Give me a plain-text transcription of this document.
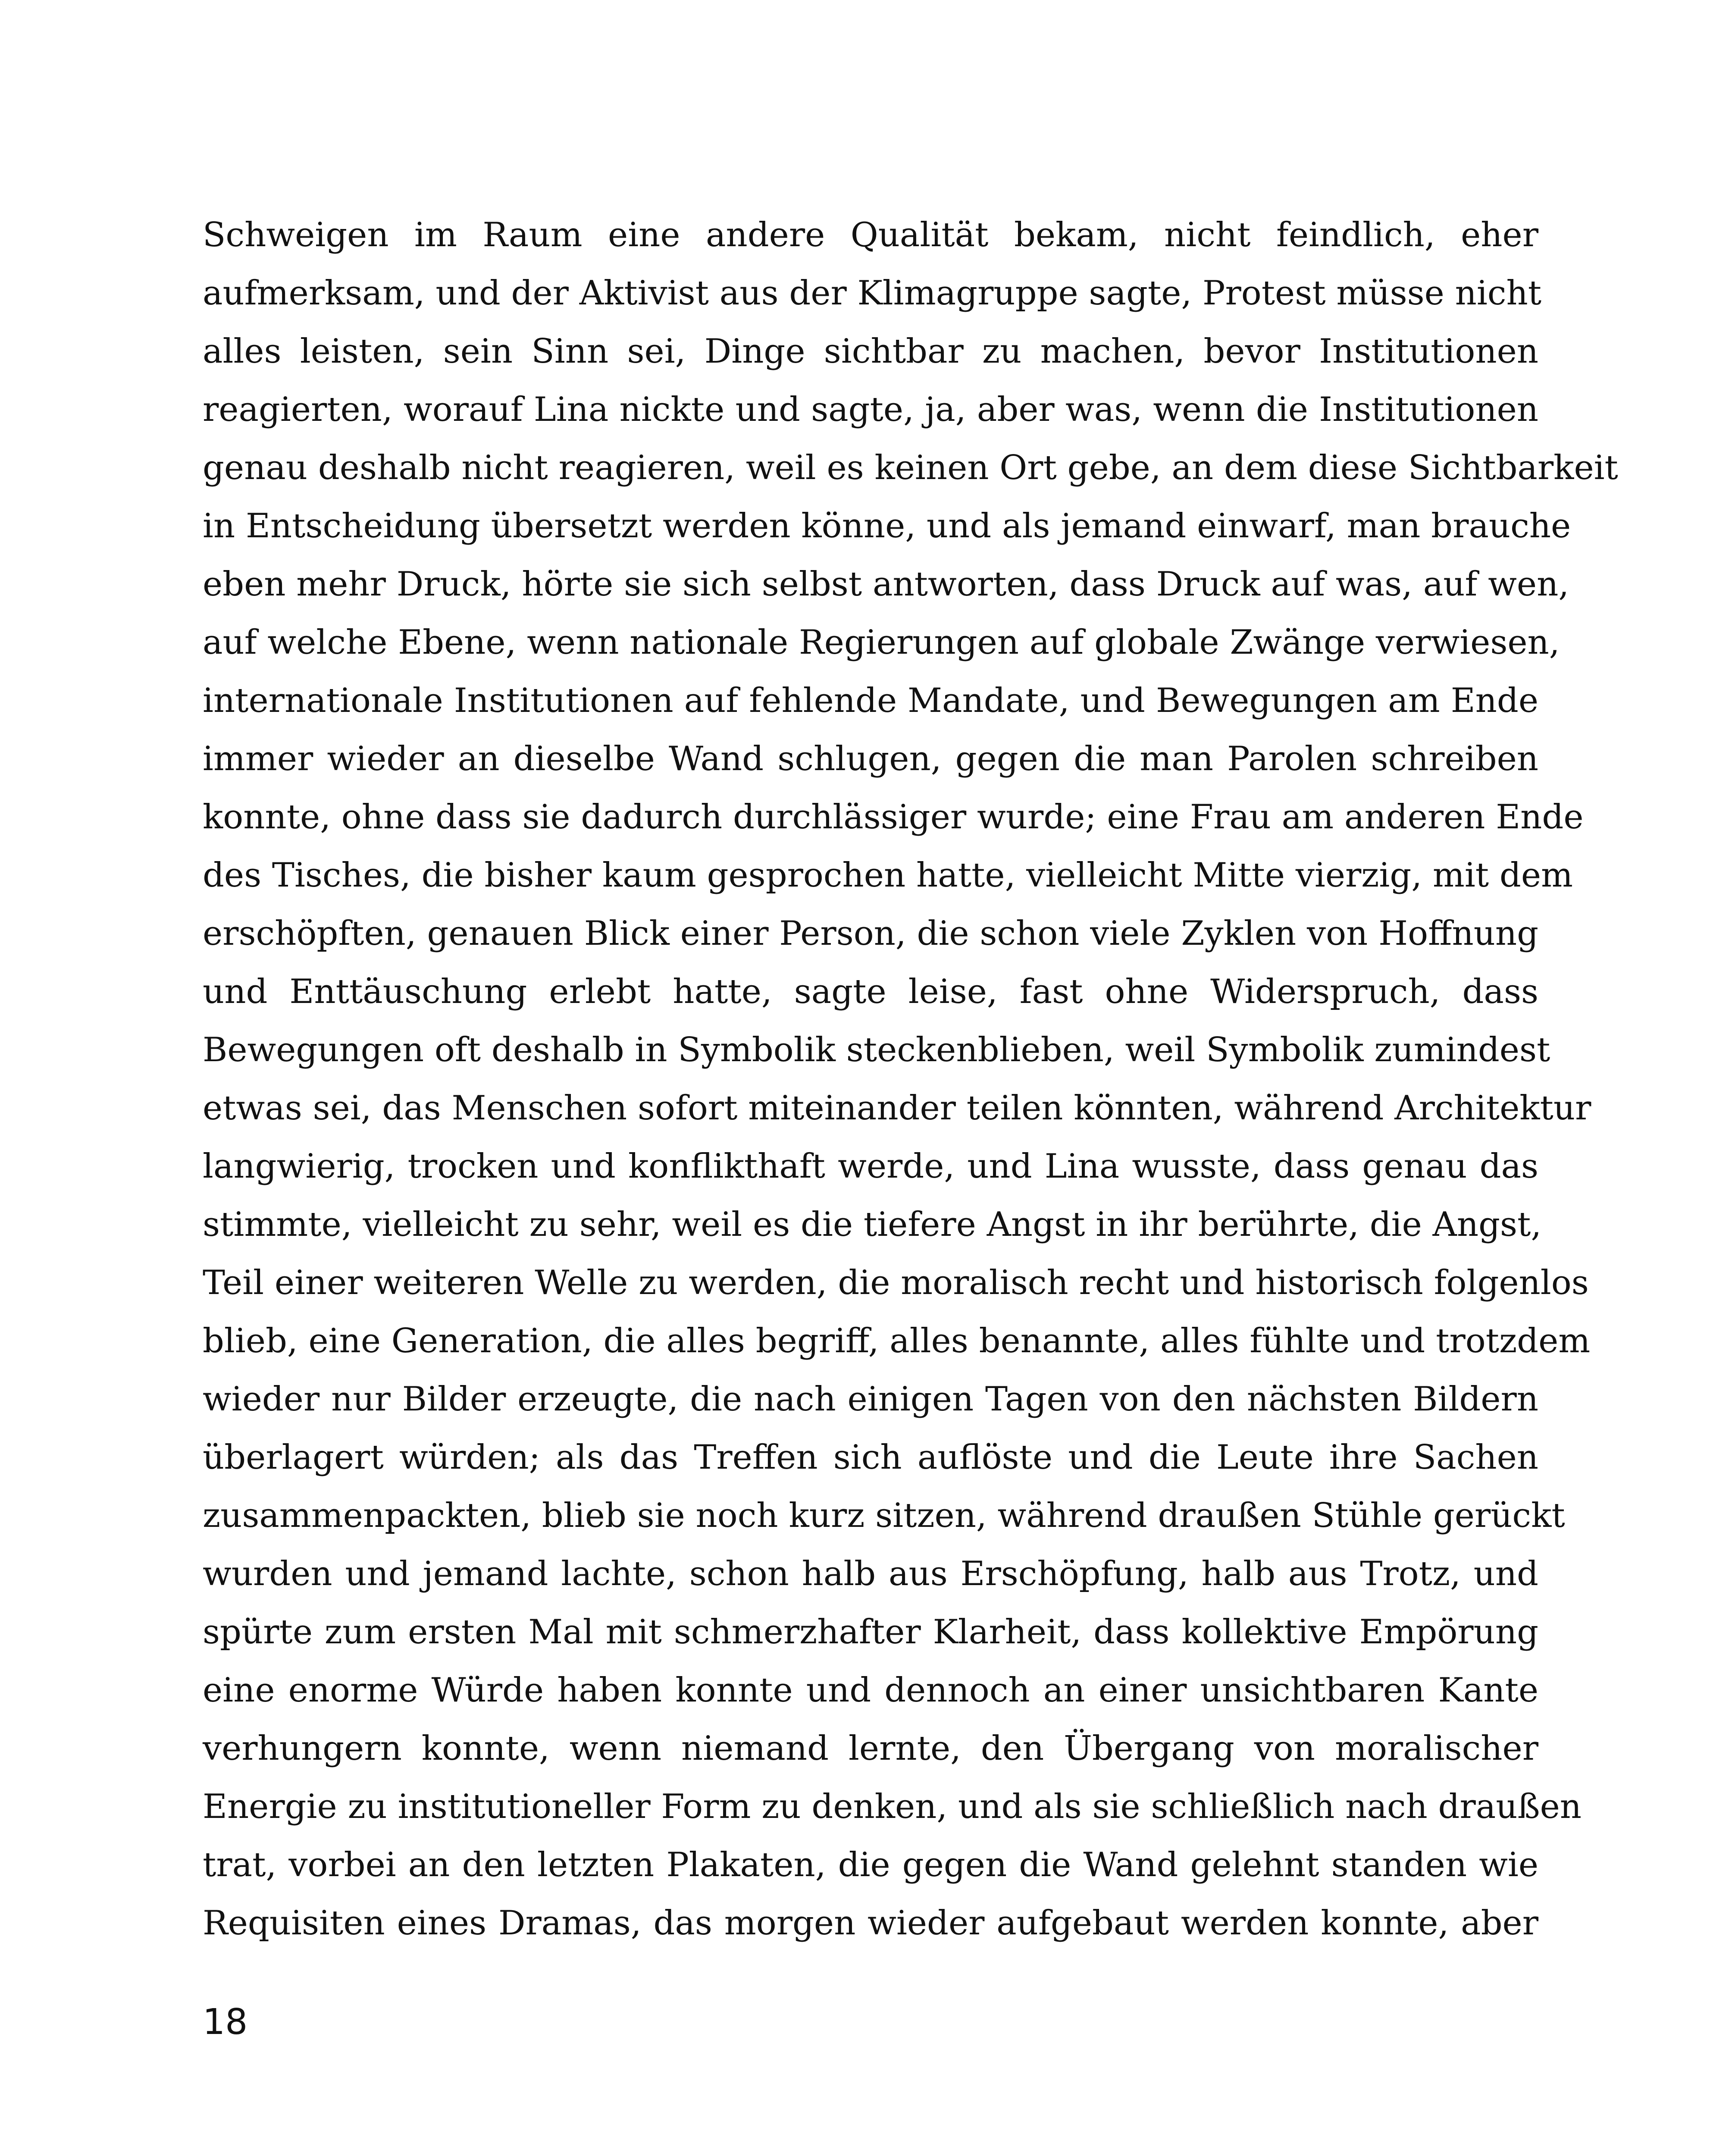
Schweigen im Raum eine andere Qualität bekam, nicht feindlich, eher
aufmerksam, und der Aktivist aus der Klimagruppe sagte, Protest müsse nicht
alles leisten, sein Sinn sei, Dinge sichtbar zu machen, bevor Institutionen
reagierten, worauf Lina nickte und sagte, ja, aber was, wenn die Institutionen
genau deshalb nicht reagieren, weil es keinen Ort gebe, an dem diese Sichtbarkeit
in Entscheidung übersetzt werden könne, und als jemand einwarf, man brauche
eben mehr Druck, hörte sie sich selbst antworten, dass Druck auf was, auf wen,
auf welche Ebene, wenn nationale Regierungen auf globale Zwänge verwiesen,
internationale Institutionen auf fehlende Mandate, und Bewegungen am Ende
immer wieder an dieselbe Wand schlugen, gegen die man Parolen schreiben
konnte, ohne dass sie dadurch durchlässiger wurde; eine Frau am anderen Ende
des Tisches, die bisher kaum gesprochen hatte, vielleicht Mitte vierzig, mit dem
erschöpften, genauen Blick einer Person, die schon viele Zyklen von Hoffnung
und Enttäuschung erlebt hatte, sagte leise, fast ohne Widerspruch, dass
Bewegungen oft deshalb in Symbolik steckenblieben, weil Symbolik zumindest
etwas sei, das Menschen sofort miteinander teilen könnten, während Architektur
langwierig, trocken und konflikthaft werde, und Lina wusste, dass genau das
stimmte, vielleicht zu sehr, weil es die tiefere Angst in ihr berührte, die Angst,
Teil einer weiteren Welle zu werden, die moralisch recht und historisch folgenlos
blieb, eine Generation, die alles begriff, alles benannte, alles fühlte und trotzdem
wieder nur Bilder erzeugte, die nach einigen Tagen von den nächsten Bildern
überlagert würden; als das Treffen sich auflöste und die Leute ihre Sachen
zusammenpackten, blieb sie noch kurz sitzen, während draußen Stühle gerückt
wurden und jemand lachte, schon halb aus Erschöpfung, halb aus Trotz, und
spürte zum ersten Mal mit schmerzhafter Klarheit, dass kollektive Empörung
eine enorme Würde haben konnte und dennoch an einer unsichtbaren Kante
verhungern konnte, wenn niemand lernte, den Übergang von moralischer
Energie zu institutioneller Form zu denken, und als sie schließlich nach draußen
trat, vorbei an den letzten Plakaten, die gegen die Wand gelehnt standen wie
Requisiten eines Dramas, das morgen wieder aufgebaut werden konnte, aber
18
